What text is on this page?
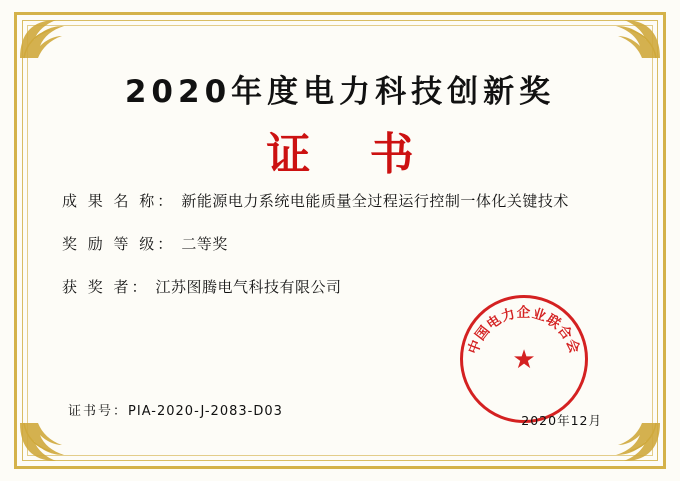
2020年度电力科技创新奖
证 书
成 果 名 称： 新能源电力系统电能质量全过程运行控制一体化关键技术
奖 励 等 级： 二等奖
获 奖 者： 江苏图腾电气科技有限公司
证书号：PIA-2020-J-2083-D03
中国电力企业联合会
★
2020年12月
